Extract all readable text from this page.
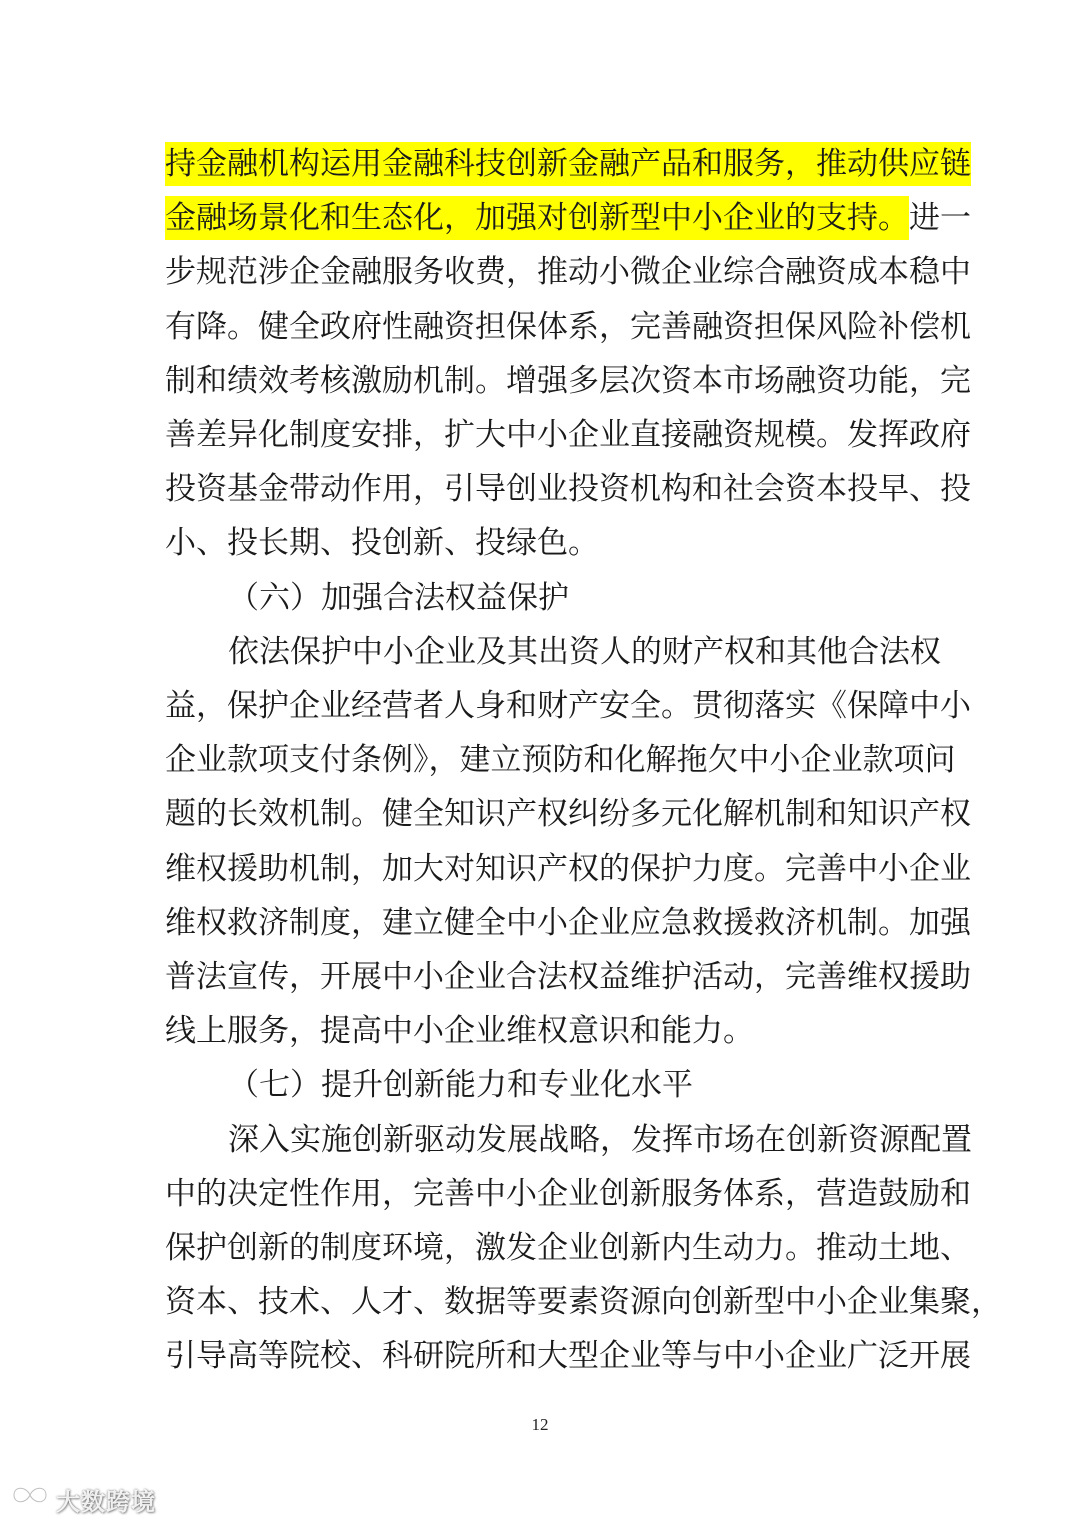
持金融机构运用金融科技创新金融产品和服务，推动供应链
金融场景化和生态化，加强对创新型中小企业的支持。进一
步规范涉企金融服务收费，推动小微企业综合融资成本稳中
有降。健全政府性融资担保体系，完善融资担保风险补偿机
制和绩效考核激励机制。增强多层次资本市场融资功能，完
善差异化制度安排，扩大中小企业直接融资规模。发挥政府
投资基金带动作用，引导创业投资机构和社会资本投早、投
小、投长期、投创新、投绿色。
（六）加强合法权益保护
依法保护中小企业及其出资人的财产权和其他合法权
益，保护企业经营者人身和财产安全。贯彻落实《保障中小
企业款项支付条例》，建立预防和化解拖欠中小企业款项问
题的长效机制。健全知识产权纠纷多元化解机制和知识产权
维权援助机制，加大对知识产权的保护力度。完善中小企业
维权救济制度，建立健全中小企业应急救援救济机制。加强
普法宣传，开展中小企业合法权益维护活动，完善维权援助
线上服务，提高中小企业维权意识和能力。
（七）提升创新能力和专业化水平
深入实施创新驱动发展战略，发挥市场在创新资源配置
中的决定性作用，完善中小企业创新服务体系，营造鼓励和
保护创新的制度环境，激发企业创新内生动力。推动土地、
资本、技术、人才、数据等要素资源向创新型中小企业集聚，
引导高等院校、科研院所和大型企业等与中小企业广泛开展
12
大数跨境
